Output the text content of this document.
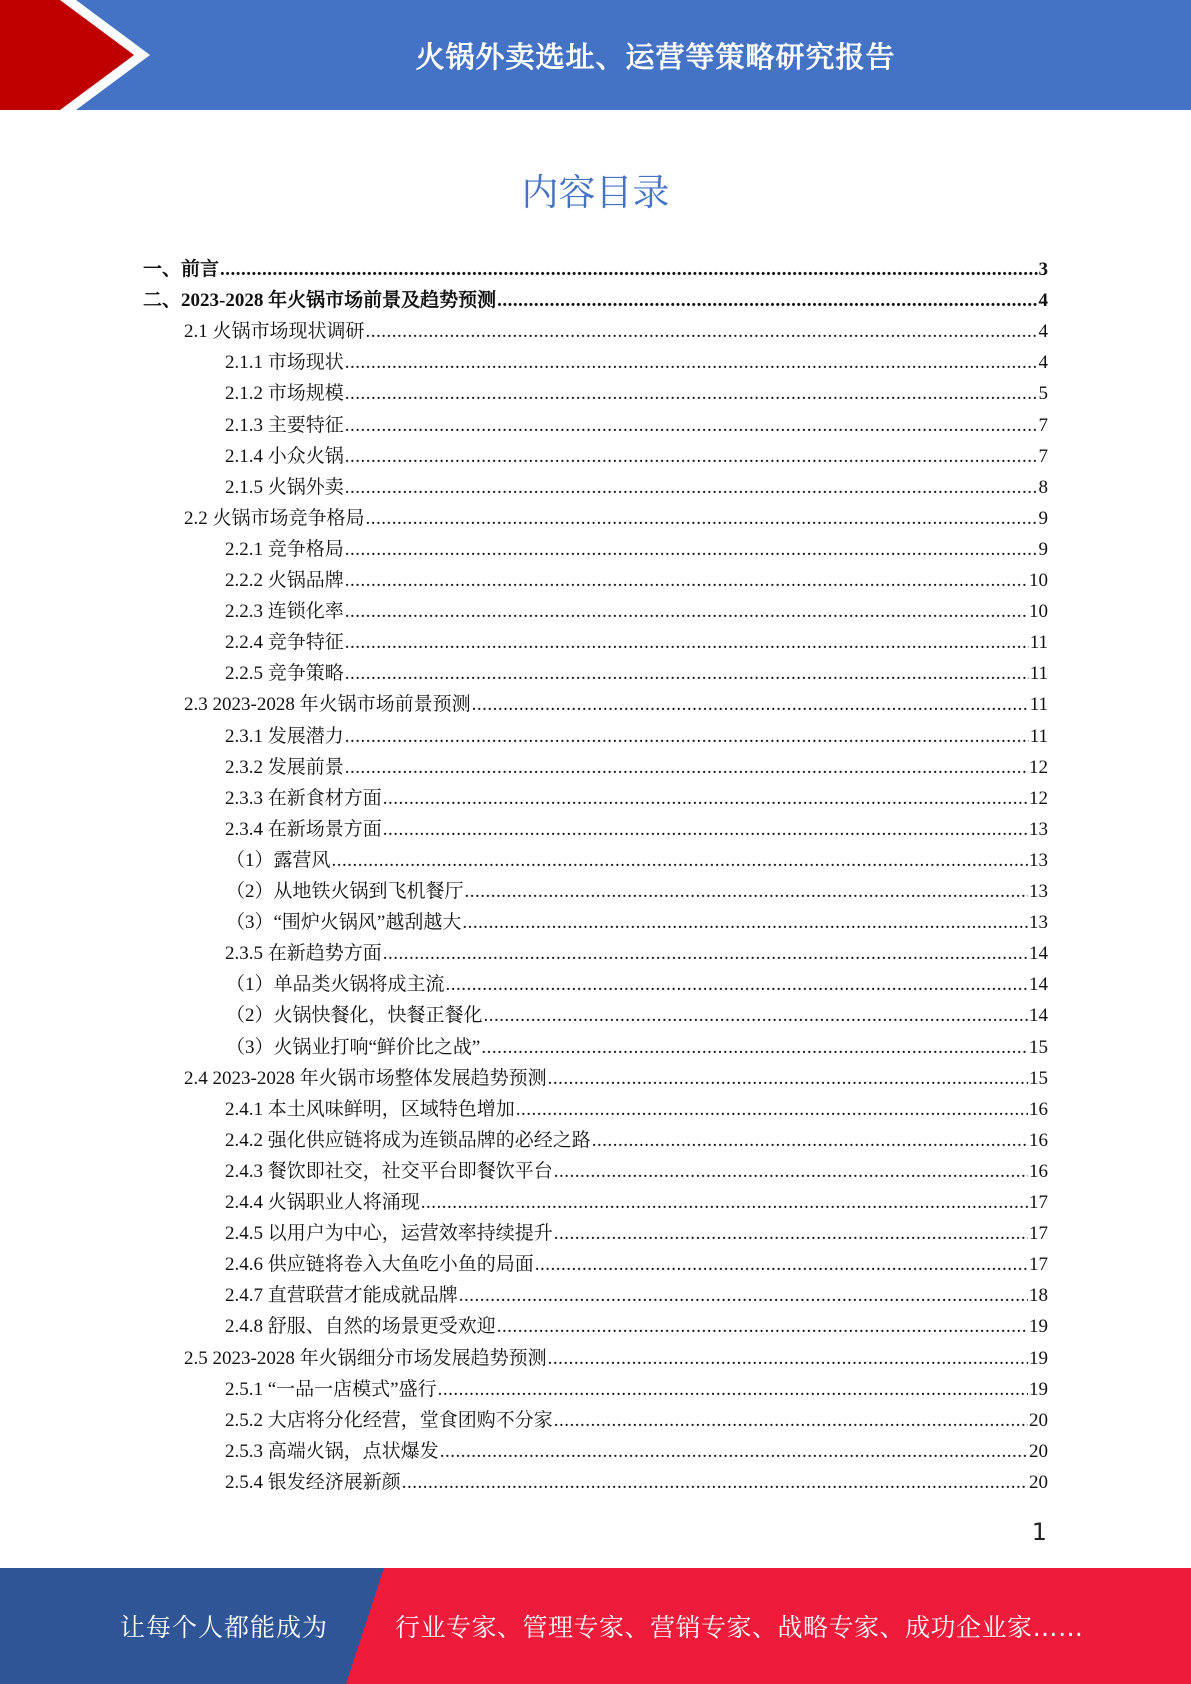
火锅外卖选址、运营等策略研究报告
内容目录
一、前言 .....	3
二、2023-2028 年火锅市场前景及趋势预测 .....	4
2.1 火锅市场现状调研 .....	4
2.1.1 市场现状 .....	4
2.1.2 市场规模 .....	5
2.1.3 主要特征 .....	7
2.1.4 小众火锅 .....	7
2.1.5 火锅外卖 .....	8
2.2 火锅市场竞争格局 .....	9
2.2.1 竞争格局 .....	9
2.2.2 火锅品牌 .....	10
2.2.3 连锁化率 .....	10
2.2.4 竞争特征 .....	11
2.2.5 竞争策略 .....	11
2.3 2023-2028 年火锅市场前景预测 .....	11
2.3.1 发展潜力 .....	11
2.3.2 发展前景 .....	12
2.3.3 在新食材方面 .....	12
2.3.4 在新场景方面 .....	13
（1）露营风 .....	13
（2）从地铁火锅到飞机餐厅 .....	13
（3）“围炉火锅风”越刮越大 .....	13
2.3.5 在新趋势方面 .....	14
（1）单品类火锅将成主流 .....	14
（2）火锅快餐化，快餐正餐化 .....	14
（3）火锅业打响“鲜价比之战” .....	15
2.4 2023-2028 年火锅市场整体发展趋势预测 .....	15
2.4.1 本土风味鲜明，区域特色增加 .....	16
2.4.2 强化供应链将成为连锁品牌的必经之路 .....	16
2.4.3 餐饮即社交，社交平台即餐饮平台 .....	16
2.4.4 火锅职业人将涌现 .....	17
2.4.5 以用户为中心，运营效率持续提升 .....	17
2.4.6 供应链将卷入大鱼吃小鱼的局面 .....	17
2.4.7 直营联营才能成就品牌 .....	18
2.4.8 舒服、自然的场景更受欢迎 .....	19
2.5 2023-2028 年火锅细分市场发展趋势预测 .....	19
2.5.1 “一品一店模式”盛行 .....	19
2.5.2 大店将分化经营，堂食团购不分家 .....	20
2.5.3 高端火锅，点状爆发 .....	20
2.5.4 银发经济展新颜 .....	20
1
让每个人都能成为	行业专家、管理专家、营销专家、战略专家、成功企业家……
